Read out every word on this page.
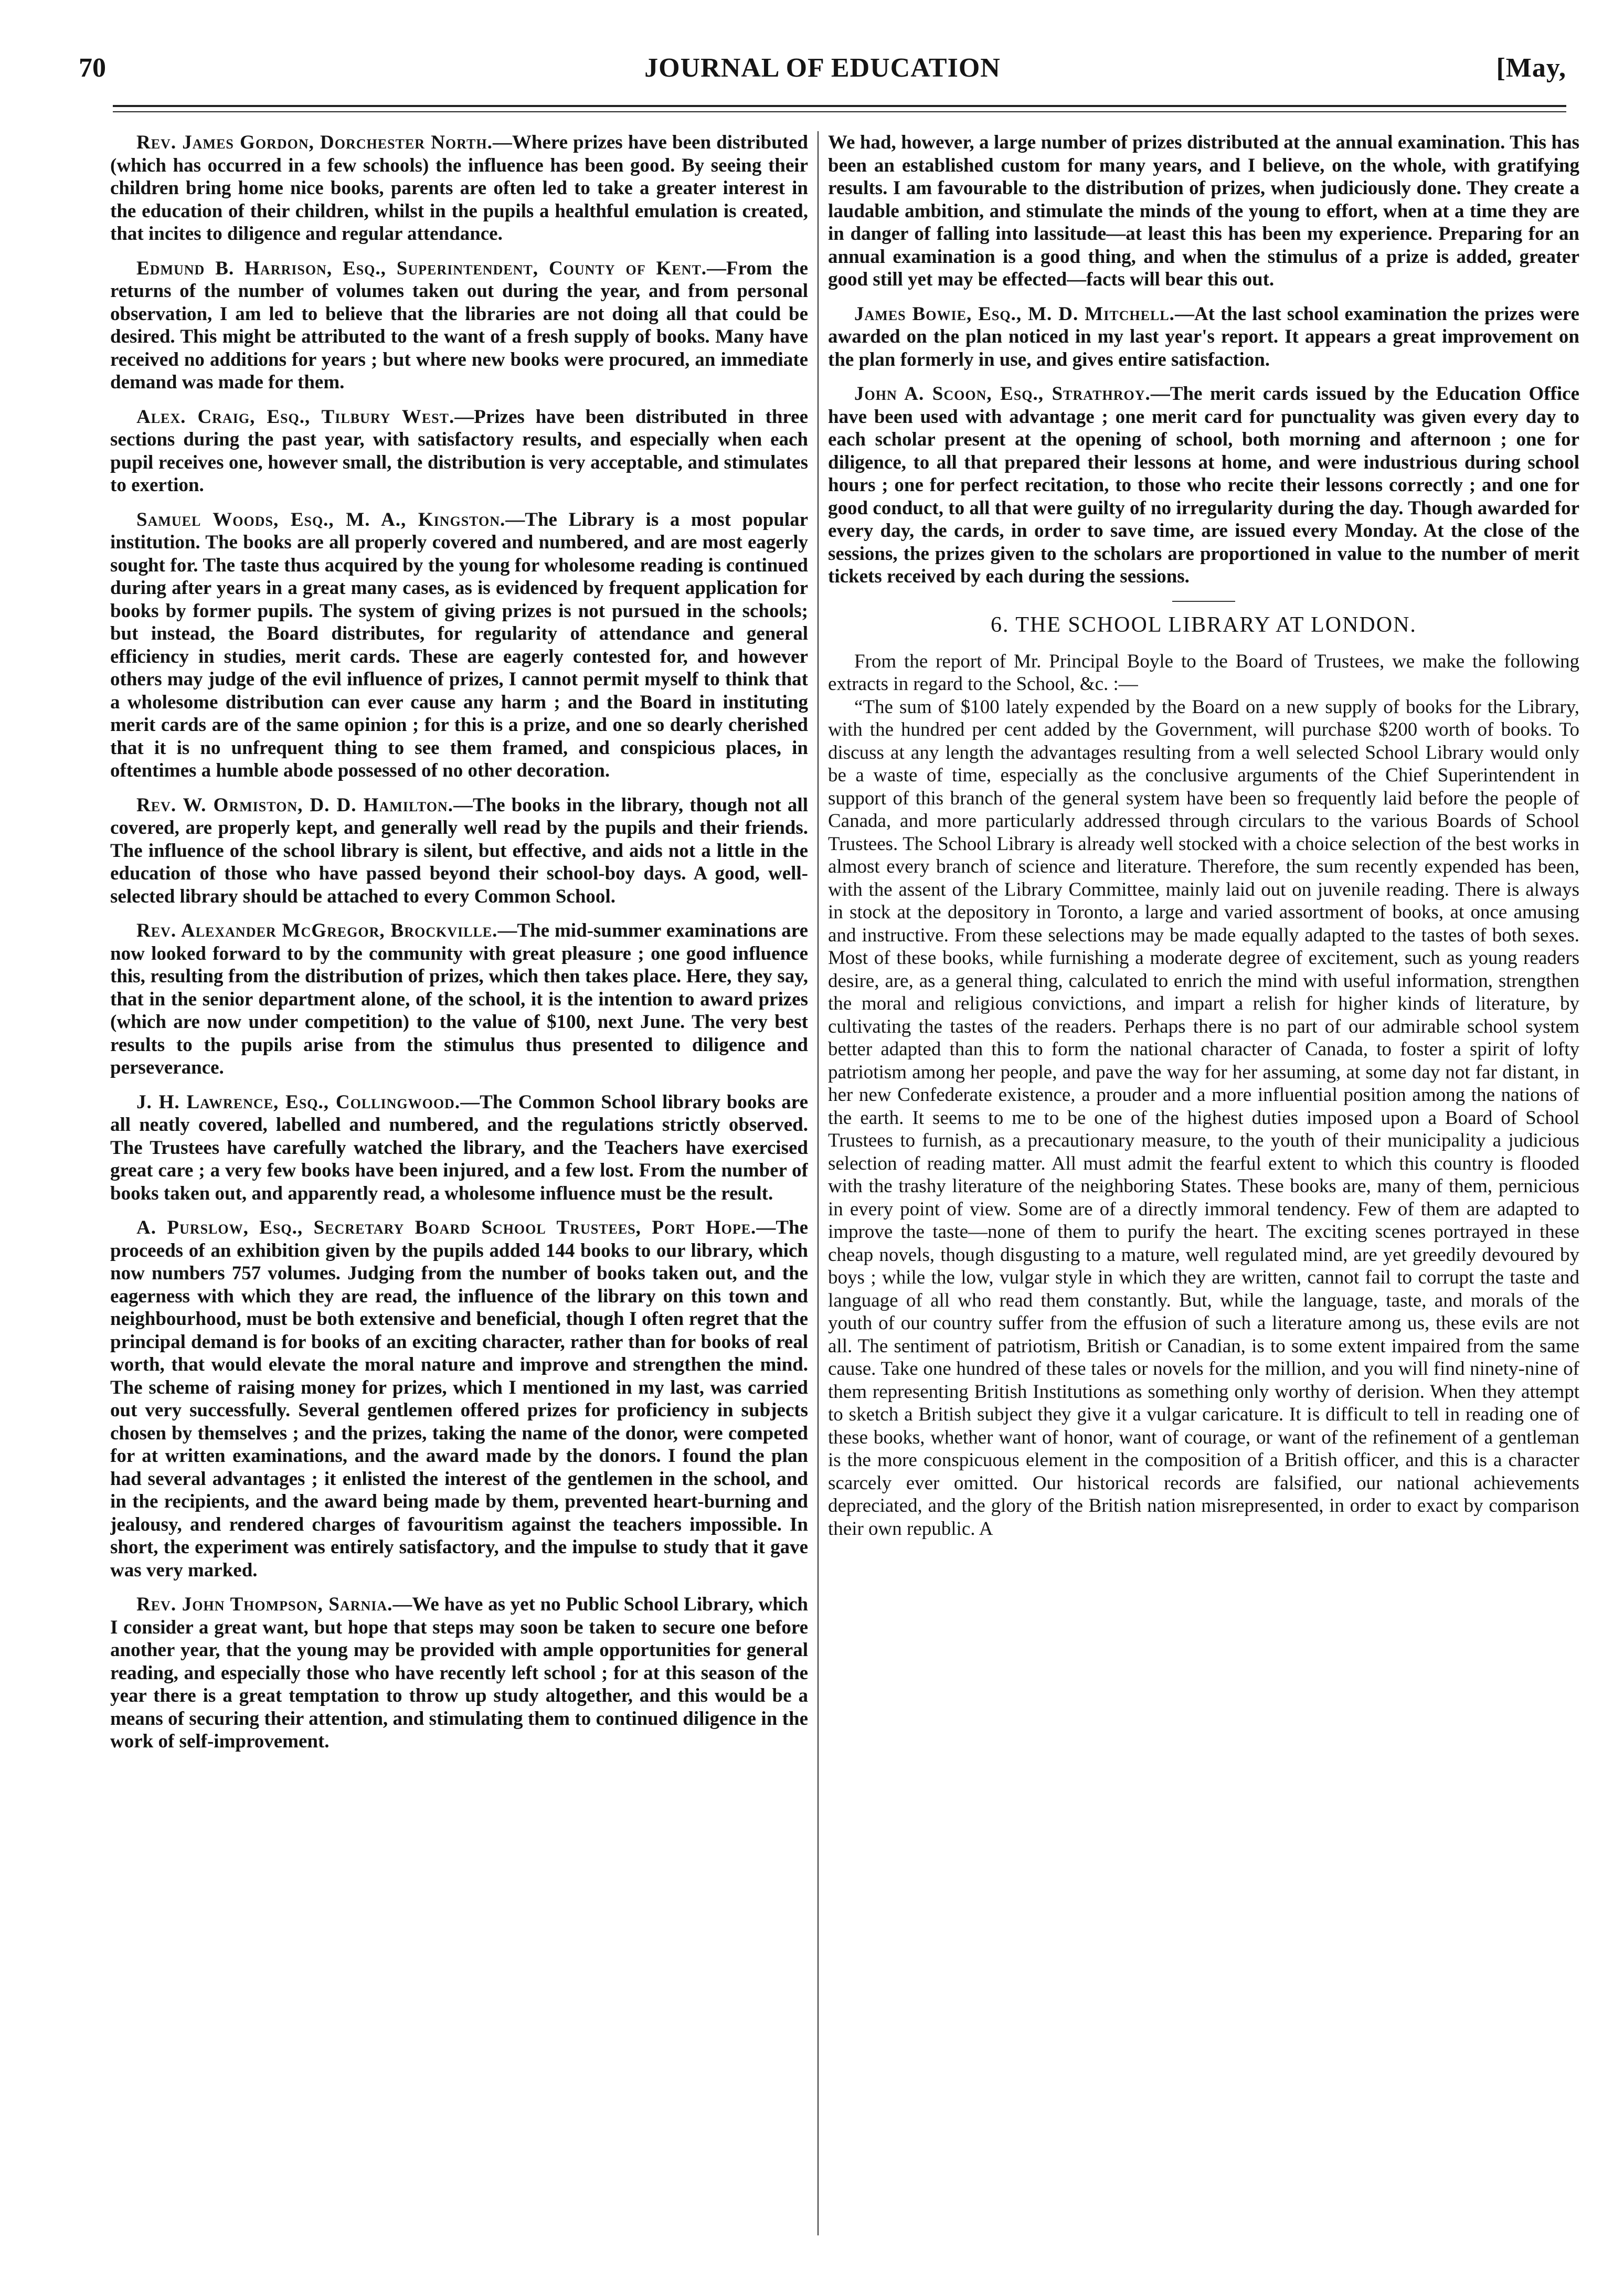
70	JOURNAL OF EDUCATION	[May,

Rev. James Gordon, Dorchester North.—Where prizes have been distributed (which has occurred in a few schools) the influence has been good. By seeing their children bring home nice books, parents are often led to take a greater interest in the education of their children, whilst in the pupils a healthful emulation is created, that incites to diligence and regular attendance.

Edmund B. Harrison, Esq., Superintendent, County of Kent.—From the returns of the number of volumes taken out during the year, and from personal observation, I am led to believe that the libraries are not doing all that could be desired. This might be attributed to the want of a fresh supply of books. Many have received no additions for years ; but where new books were procured, an immediate demand was made for them.

Alex. Craig, Esq., Tilbury West.—Prizes have been distributed in three sections during the past year, with satisfactory results, and especially when each pupil receives one, however small, the distribution is very acceptable, and stimulates to exertion.

Samuel Woods, Esq., M. A., Kingston.—The Library is a most popular institution. The books are all properly covered and numbered, and are most eagerly sought for. The taste thus acquired by the young for wholesome reading is continued during after years in a great many cases, as is evidenced by frequent application for books by former pupils. The system of giving prizes is not pursued in the schools; but instead, the Board distributes, for regularity of attendance and general efficiency in studies, merit cards. These are eagerly contested for, and however others may judge of the evil influence of prizes, I cannot permit myself to think that a wholesome distribution can ever cause any harm ; and the Board in instituting merit cards are of the same opinion ; for this is a prize, and one so dearly cherished that it is no unfrequent thing to see them framed, and conspicious places, in oftentimes a humble abode possessed of no other decoration.

Rev. W. Ormiston, D. D. Hamilton.—The books in the library, though not all covered, are properly kept, and generally well read by the pupils and their friends. The influence of the school library is silent, but effective, and aids not a little in the education of those who have passed beyond their school-boy days. A good, well-selected library should be attached to every Common School.

Rev. Alexander McGregor, Brockville.—The mid-summer examinations are now looked forward to by the community with great pleasure ; one good influence this, resulting from the distribution of prizes, which then takes place. Here, they say, that in the senior department alone, of the school, it is the intention to award prizes (which are now under competition) to the value of $100, next June. The very best results to the pupils arise from the stimulus thus presented to diligence and perseverance.

J. H. Lawrence, Esq., Collingwood.—The Common School library books are all neatly covered, labelled and numbered, and the regulations strictly observed. The Trustees have carefully watched the library, and the Teachers have exercised great care ; a very few books have been injured, and a few lost. From the number of books taken out, and apparently read, a wholesome influence must be the result.

A. Purslow, Esq., Secretary Board School Trustees, Port Hope.—The proceeds of an exhibition given by the pupils added 144 books to our library, which now numbers 757 volumes. Judging from the number of books taken out, and the eagerness with which they are read, the influence of the library on this town and neighbourhood, must be both extensive and beneficial, though I often regret that the principal demand is for books of an exciting character, rather than for books of real worth, that would elevate the moral nature and improve and strengthen the mind. The scheme of raising money for prizes, which I mentioned in my last, was carried out very successfully. Several gentlemen offered prizes for proficiency in subjects chosen by themselves ; and the prizes, taking the name of the donor, were competed for at written examinations, and the award made by the donors. I found the plan had several advantages ; it enlisted the interest of the gentlemen in the school, and in the recipients, and the award being made by them, prevented heart-burning and jealousy, and rendered charges of favouritism against the teachers impossible. In short, the experiment was entirely satisfactory, and the impulse to study that it gave was very marked.

Rev. John Thompson, Sarnia.—We have as yet no Public School Library, which I consider a great want, but hope that steps may soon be taken to secure one before another year, that the young may be provided with ample opportunities for general reading, and especially those who have recently left school ; for at this season of the year there is a great temptation to throw up study altogether, and this would be a means of securing their attention, and stimulating them to continued diligence in the work of self-improvement.

We had, however, a large number of prizes distributed at the annual examination. This has been an established custom for many years, and I believe, on the whole, with gratifying results. I am favourable to the distribution of prizes, when judiciously done. They create a laudable ambition, and stimulate the minds of the young to effort, when at a time they are in danger of falling into lassitude—at least this has been my experience. Preparing for an annual examination is a good thing, and when the stimulus of a prize is added, greater good still yet may be effected—facts will bear this out.

James Bowie, Esq., M. D. Mitchell.—At the last school examination the prizes were awarded on the plan noticed in my last year's report. It appears a great improvement on the plan formerly in use, and gives entire satisfaction.

John A. Scoon, Esq., Strathroy.—The merit cards issued by the Education Office have been used with advantage ; one merit card for punctuality was given every day to each scholar present at the opening of school, both morning and afternoon ; one for diligence, to all that prepared their lessons at home, and were industrious during school hours ; one for perfect recitation, to those who recite their lessons correctly ; and one for good conduct, to all that were guilty of no irregularity during the day. Though awarded for every day, the cards, in order to save time, are issued every Monday. At the close of the sessions, the prizes given to the scholars are proportioned in value to the number of merit tickets received by each during the sessions.

6. THE SCHOOL LIBRARY AT LONDON.

From the report of Mr. Principal Boyle to the Board of Trustees, we make the following extracts in regard to the School, &c. :—

“The sum of $100 lately expended by the Board on a new supply of books for the Library, with the hundred per cent added by the Government, will purchase $200 worth of books. To discuss at any length the advantages resulting from a well selected School Library would only be a waste of time, especially as the conclusive arguments of the Chief Superintendent in support of this branch of the general system have been so frequently laid before the people of Canada, and more particularly addressed through circulars to the various Boards of School Trustees. The School Library is already well stocked with a choice selection of the best works in almost every branch of science and literature. Therefore, the sum recently expended has been, with the assent of the Library Committee, mainly laid out on juvenile reading. There is always in stock at the depository in Toronto, a large and varied assortment of books, at once amusing and instructive. From these selections may be made equally adapted to the tastes of both sexes. Most of these books, while furnishing a moderate degree of excitement, such as young readers desire, are, as a general thing, calculated to enrich the mind with useful information, strengthen the moral and religious convictions, and impart a relish for higher kinds of literature, by cultivating the tastes of the readers. Perhaps there is no part of our admirable school system better adapted than this to form the national character of Canada, to foster a spirit of lofty patriotism among her people, and pave the way for her assuming, at some day not far distant, in her new Confederate existence, a prouder and a more influential position among the nations of the earth. It seems to me to be one of the highest duties imposed upon a Board of School Trustees to furnish, as a precautionary measure, to the youth of their municipality a judicious selection of reading matter. All must admit the fearful extent to which this country is flooded with the trashy literature of the neighboring States. These books are, many of them, pernicious in every point of view. Some are of a directly immoral tendency. Few of them are adapted to improve the taste—none of them to purify the heart. The exciting scenes portrayed in these cheap novels, though disgusting to a mature, well regulated mind, are yet greedily devoured by boys ; while the low, vulgar style in which they are written, cannot fail to corrupt the taste and language of all who read them constantly. But, while the language, taste, and morals of the youth of our country suffer from the effusion of such a literature among us, these evils are not all. The sentiment of patriotism, British or Canadian, is to some extent impaired from the same cause. Take one hundred of these tales or novels for the million, and you will find ninety-nine of them representing British Institutions as something only worthy of derision. When they attempt to sketch a British subject they give it a vulgar caricature. It is difficult to tell in reading one of these books, whether want of honor, want of courage, or want of the refinement of a gentleman is the more conspicuous element in the composition of a British officer, and this is a character scarcely ever omitted. Our historical records are falsified, our national achievements depreciated, and the glory of the British nation misrepresented, in order to exact by comparison their own republic. A
